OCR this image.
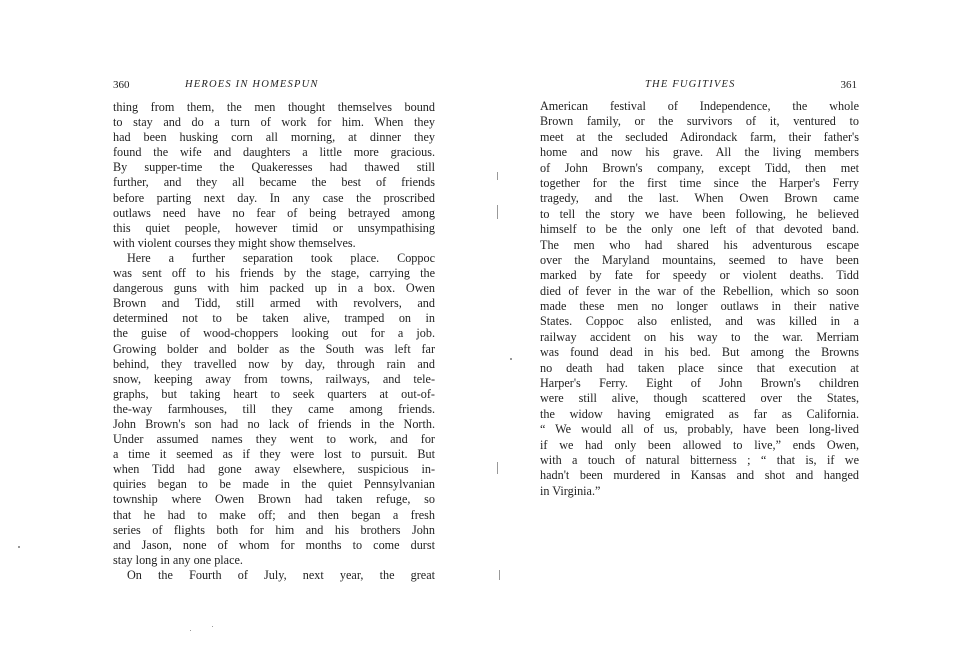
360	HEROES IN HOMESPUN
thing from them, the men thought themselves bound
to stay and do a turn of work for him. When they
had been husking corn all morning, at dinner they
found the wife and daughters a little more gracious.
By supper-time the Quakeresses had thawed still
further, and they all became the best of friends
before parting next day. In any case the proscribed
outlaws need have no fear of being betrayed among
this quiet people, however timid or unsympathising
with violent courses they might show themselves.
Here a further separation took place. Coppoc
was sent off to his friends by the stage, carrying the
dangerous guns with him packed up in a box. Owen
Brown and Tidd, still armed with revolvers, and
determined not to be taken alive, tramped on in
the guise of wood-choppers looking out for a job.
Growing bolder and bolder as the South was left far
behind, they travelled now by day, through rain and
snow, keeping away from towns, railways, and tele-
graphs, but taking heart to seek quarters at out-of-
the-way farmhouses, till they came among friends.
John Brown's son had no lack of friends in the North.
Under assumed names they went to work, and for
a time it seemed as if they were lost to pursuit. But
when Tidd had gone away elsewhere, suspicious in-
quiries began to be made in the quiet Pennsylvanian
township where Owen Brown had taken refuge, so
that he had to make off; and then began a fresh
series of flights both for him and his brothers John
and Jason, none of whom for months to come durst
stay long in any one place.
On the Fourth of July, next year, the great
THE FUGITIVES	361
American festival of Independence, the whole
Brown family, or the survivors of it, ventured to
meet at the secluded Adirondack farm, their father's
home and now his grave. All the living members
of John Brown's company, except Tidd, then met
together for the first time since the Harper's Ferry
tragedy, and the last. When Owen Brown came
to tell the story we have been following, he believed
himself to be the only one left of that devoted band.
The men who had shared his adventurous escape
over the Maryland mountains, seemed to have been
marked by fate for speedy or violent deaths. Tidd
died of fever in the war of the Rebellion, which so soon
made these men no longer outlaws in their native
States. Coppoc also enlisted, and was killed in a
railway accident on his way to the war. Merriam
was found dead in his bed. But among the Browns
no death had taken place since that execution at
Harper's Ferry. Eight of John Brown's children
were still alive, though scattered over the States,
the widow having emigrated as far as California.
“ We would all of us, probably, have been long-lived
if we had only been allowed to live,” ends Owen,
with a touch of natural bitterness ; “ that is, if we
hadn't been murdered in Kansas and shot and hanged
in Virginia.”
